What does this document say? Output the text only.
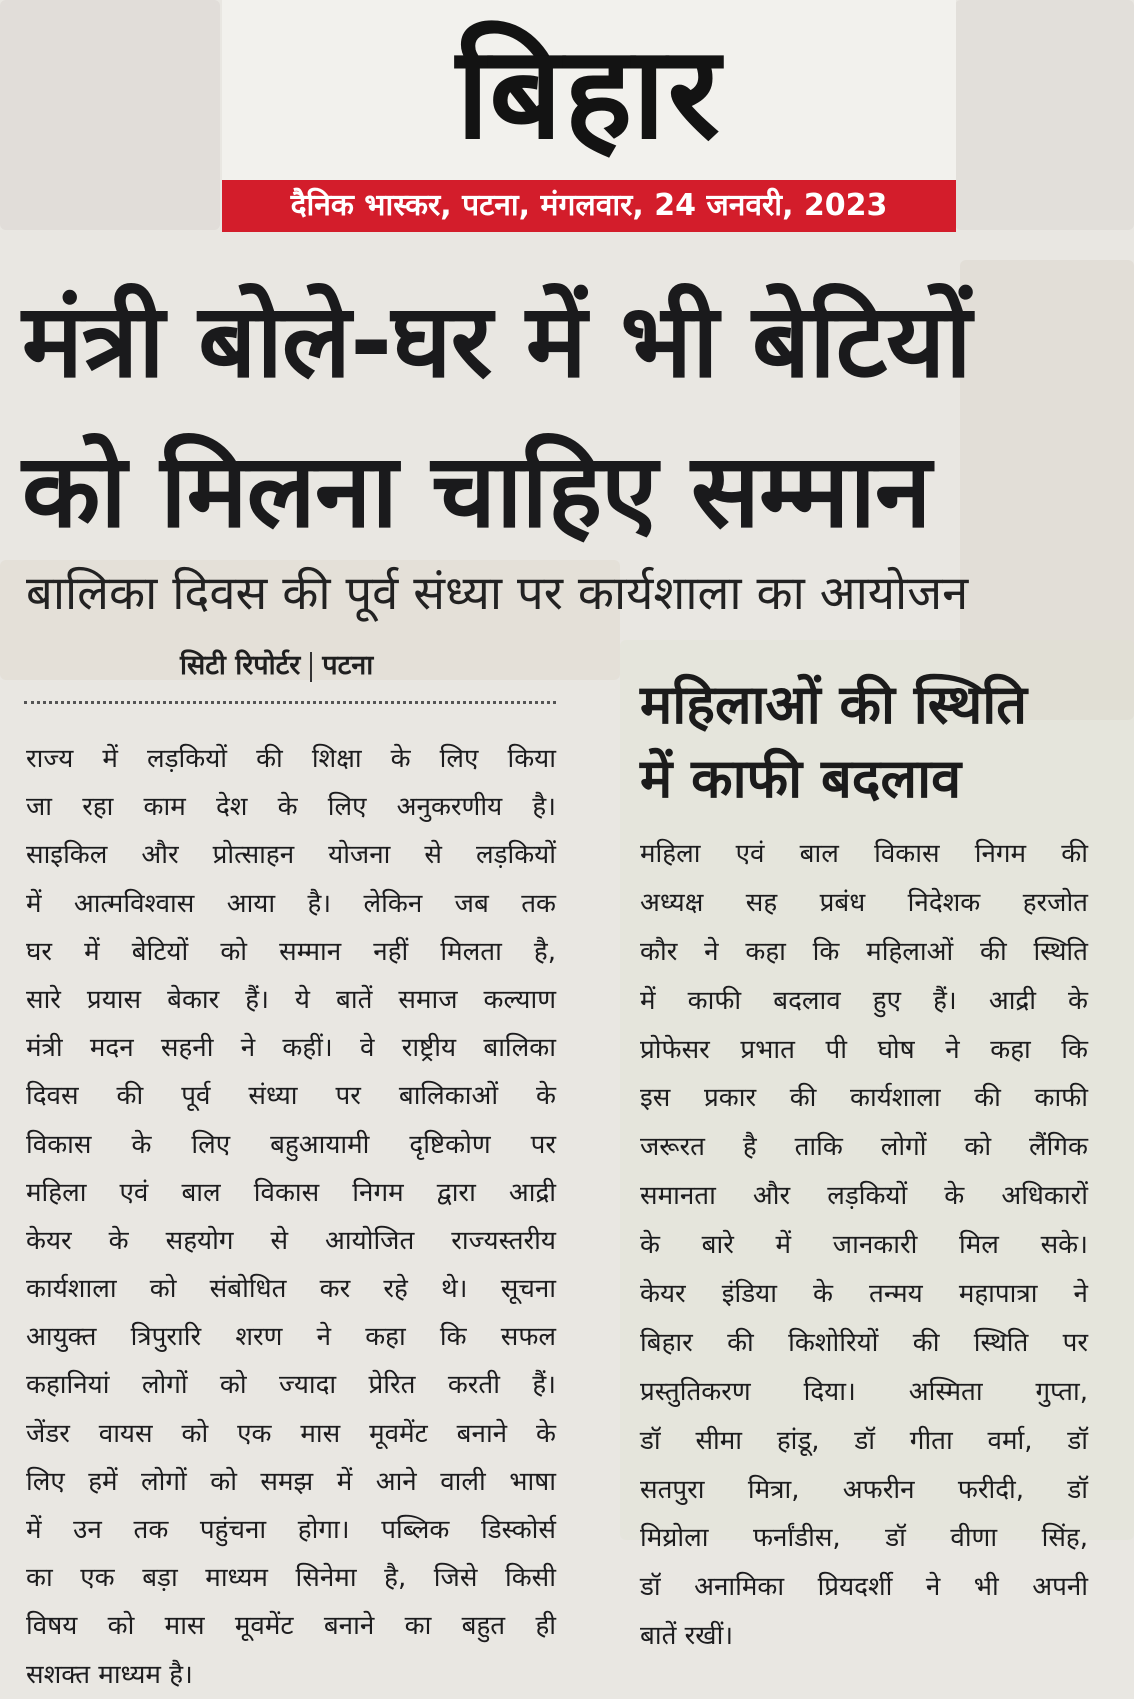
बिहार
दैनिक भास्कर, पटना, मंगलवार, 24 जनवरी, 2023
मंत्री बोले-घर में भी बेटियों
को मिलना चाहिए सम्मान
बालिका दिवस की पूर्व संध्या पर कार्यशाला का आयोजन
सिटी रिपोर्टर पटना
राज्य में लड़कियों की शिक्षा के लिए किया
जा रहा काम देश के लिए अनुकरणीय है।
साइकिल और प्रोत्साहन योजना से लड़कियों
में आत्मविश्वास आया है। लेकिन जब तक
घर में बेटियों को सम्मान नहीं मिलता है,
सारे प्रयास बेकार हैं। ये बातें समाज कल्याण
मंत्री मदन सहनी ने कहीं। वे राष्ट्रीय बालिका
दिवस की पूर्व संध्या पर बालिकाओं के
विकास के लिए बहुआयामी दृष्टिकोण पर
महिला एवं बाल विकास निगम द्वारा आद्री
केयर के सहयोग से आयोजित राज्यस्तरीय
कार्यशाला को संबोधित कर रहे थे। सूचना
आयुक्त त्रिपुरारि शरण ने कहा कि सफल
कहानियां लोगों को ज्यादा प्रेरित करती हैं।
जेंडर वायस को एक मास मूवमेंट बनाने के
लिए हमें लोगों को समझ में आने वाली भाषा
में उन तक पहुंचना होगा। पब्लिक डिस्कोर्स
का एक बड़ा माध्यम सिनेमा है, जिसे किसी
विषय को मास मूवमेंट बनाने का बहुत ही
सशक्त माध्यम है।
महिलाओं की स्थिति
में काफी बदलाव
महिला एवं बाल विकास निगम की
अध्यक्ष सह प्रबंध निदेशक हरजोत
कौर ने कहा कि महिलाओं की स्थिति
में काफी बदलाव हुए हैं। आद्री के
प्रोफेसर प्रभात पी घोष ने कहा कि
इस प्रकार की कार्यशाला की काफी
जरूरत है ताकि लोगों को लैंगिक
समानता और लड़कियों के अधिकारों
के बारे में जानकारी मिल सके।
केयर इंडिया के तन्मय महापात्रा ने
बिहार की किशोरियों की स्थिति पर
प्रस्तुतिकरण दिया। अस्मिता गुप्ता,
डॉ सीमा हांडू, डॉ गीता वर्मा, डॉ
सतपुरा मित्रा, अफरीन फरीदी, डॉ
मिय्रोला फर्नांडीस, डॉ वीणा सिंह,
डॉ अनामिका प्रियदर्शी ने भी अपनी
बातें रखीं।
